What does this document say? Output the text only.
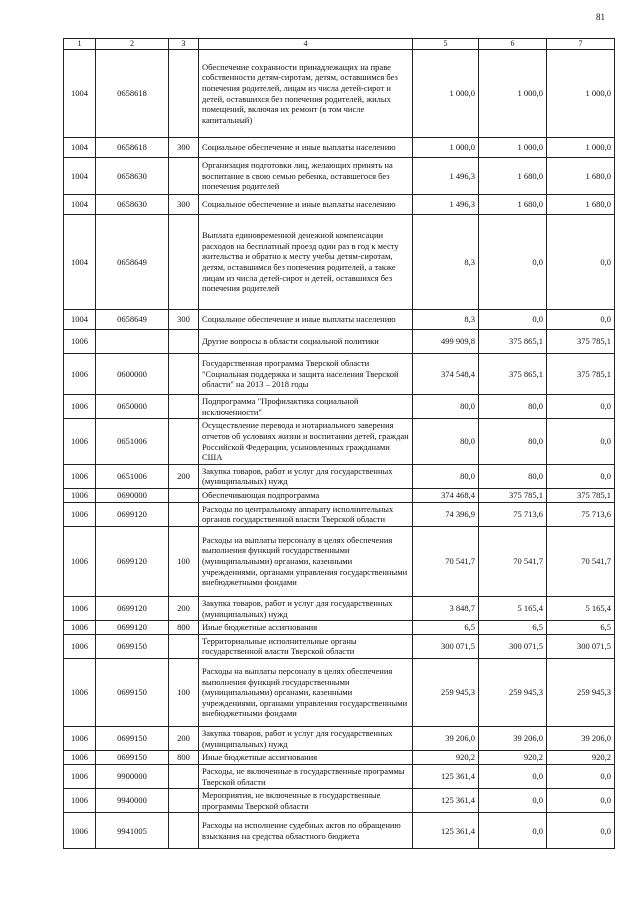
81
1	2	3	4	5	6	7
1004	0658618		Обеспечение сохранности принадлежащих на праве собственности детям-сиротам, детям, оставшимся без попечения родителей, лицам из числа детей-сирот и детей, оставшихся без попечения родителей, жилых помещений, включая их ремонт (в том числе капитальный)	1 000,0	1 000,0	1 000,0
1004	0658618	300	Социальное обеспечение и иные выплаты населению	1 000,0	1 000,0	1 000,0
1004	0658630		Организация подготовки лиц, желающих принять на воспитание в свою семью ребенка, оставшегося без попечения родителей	1 496,3	1 680,0	1 680,0
1004	0658630	300	Социальное обеспечение и иные выплаты населению	1 496,3	1 680,0	1 680,0
1004	0658649		Выплата единовременной денежной компенсации расходов на бесплатный проезд один раз в год к месту жительства и обратно к месту учебы детям-сиротам, детям, оставшимся без попечения родителей, а также лицам из числа детей-сирот и детей, оставшихся без попечения родителей	8,3	0,0	0,0
1004	0658649	300	Социальное обеспечение и иные выплаты населению	8,3	0,0	0,0
1006			Другие вопросы в области социальной политики	499 909,8	375 865,1	375 785,1
1006	0600000		Государственная программа Тверской области "Социальная поддержка и защита населения Тверской области" на 2013 – 2018 годы	374 548,4	375 865,1	375 785,1
1006	0650000		Подпрограмма "Профилактика социальной исключенности"	80,0	80,0	0,0
1006	0651006		Осуществление перевода и нотариального заверения отчетов об условиях жизни и воспитании детей, граждан Российской Федерации, усыновленных гражданами США	80,0	80,0	0,0
1006	0651006	200	Закупка товаров, работ и услуг для государственных (муниципальных) нужд	80,0	80,0	0,0
1006	0690000		Обеспечивающая подпрограмма	374 468,4	375 785,1	375 785,1
1006	0699120		Расходы по центральному аппарату исполнительных органов государственной власти Тверской области	74 396,9	75 713,6	75 713,6
1006	0699120	100	Расходы на выплаты персоналу в целях обеспечения выполнения функций государственными (муниципальными) органами, казенными учреждениями, органами управления государственными внебюджетными фондами	70 541,7	70 541,7	70 541,7
1006	0699120	200	Закупка товаров, работ и услуг для государственных (муниципальных) нужд	3 848,7	5 165,4	5 165,4
1006	0699120	800	Иные бюджетные ассигнования	6,5	6,5	6,5
1006	0699150		Территориальные исполнительные органы государственной власти Тверской области	300 071,5	300 071,5	300 071,5
1006	0699150	100	Расходы на выплаты персоналу в целях обеспечения выполнения функций государственными (муниципальными) органами, казенными учреждениями, органами управления государственными внебюджетными фондами	259 945,3	259 945,3	259 945,3
1006	0699150	200	Закупка товаров, работ и услуг для государственных (муниципальных) нужд	39 206,0	39 206,0	39 206,0
1006	0699150	800	Иные бюджетные ассигнования	920,2	920,2	920,2
1006	9900000		Расходы, не включенные в государственные программы Тверской области	125 361,4	0,0	0,0
1006	9940000		Мероприятия, не включенные в государственные программы Тверской области	125 361,4	0,0	0,0
1006	9941005		Расходы на исполнение судебных актов по обращению взыскания на средства областного бюджета	125 361,4	0,0	0,0
